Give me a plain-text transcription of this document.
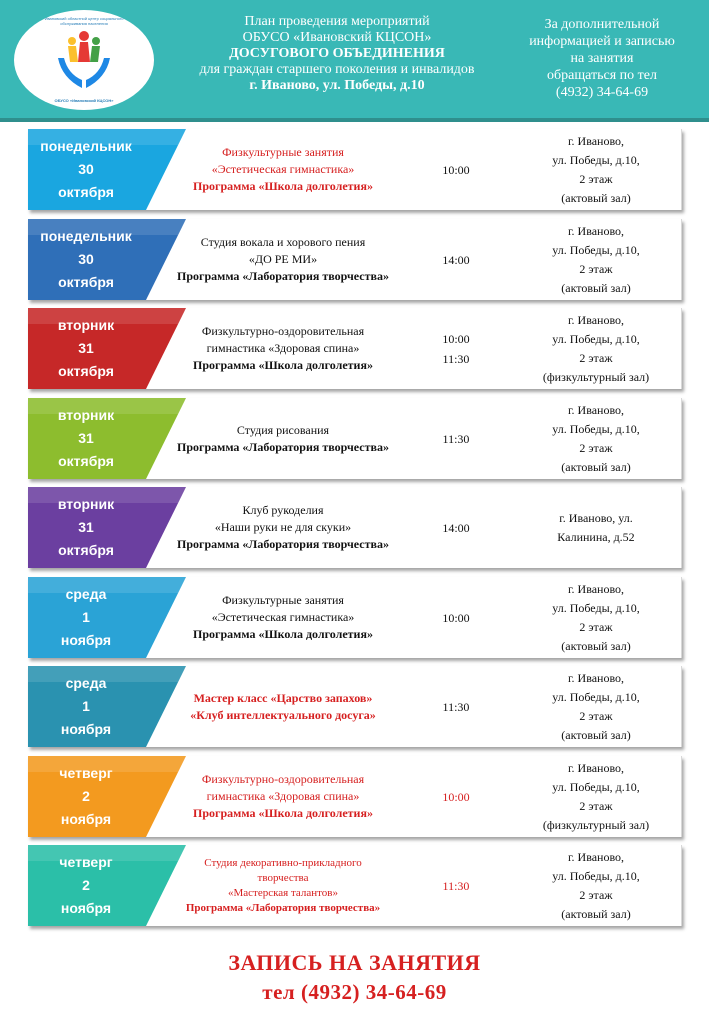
Ивановский областной центр социального обслуживания населения
ОБУСО «Ивановский КЦСОН»
План проведения мероприятий
ОБУСО «Ивановский КЦСОН»
ДОСУГОВОГО ОБЪЕДИНЕНИЯ
для граждан старшего поколения и инвалидов
г. Иваново, ул. Победы, д.10
За дополнительной
информацией и записью
на занятия
обращаться по тел
(4932) 34-64-69
понедельник
30
октября
Физкультурные занятия
«Эстетическая гимнастика»
Программа «Школа долголетия»
10:00
г. Иваново,
ул. Победы, д.10,
2 этаж
(актовый зал)
понедельник
30
октября
Студия вокала и хорового пения
«ДО РЕ МИ»
Программа «Лаборатория творчества»
14:00
г. Иваново,
ул. Победы, д.10,
2 этаж
(актовый зал)
вторник
31
октября
Физкультурно-оздоровительная
гимнастика «Здоровая спина»
Программа «Школа долголетия»
10:00
11:30
г. Иваново,
ул. Победы, д.10,
2 этаж
(физкультурный зал)
вторник
31
октября
Студия рисования
Программа «Лаборатория творчества»
11:30
г. Иваново,
ул. Победы, д.10,
2 этаж
(актовый зал)
вторник
31
октября
Клуб рукоделия
«Наши руки не для скуки»
Программа «Лаборатория творчества»
14:00
г. Иваново, ул.
Калинина, д.52
среда
1
ноября
Физкультурные занятия
«Эстетическая гимнастика»
Программа «Школа долголетия»
10:00
г. Иваново,
ул. Победы, д.10,
2 этаж
(актовый зал)
среда
1
ноября
Мастер класс «Царство запахов»
«Клуб интеллектуального досуга»
11:30
г. Иваново,
ул. Победы, д.10,
2 этаж
(актовый зал)
четверг
2
ноября
Физкультурно-оздоровительная
гимнастика «Здоровая спина»
Программа «Школа долголетия»
10:00
г. Иваново,
ул. Победы, д.10,
2 этаж
(физкультурный зал)
четверг
2
ноября
Студия декоративно-прикладного
творчества
«Мастерская талантов»
Программа «Лаборатория творчества»
11:30
г. Иваново,
ул. Победы, д.10,
2 этаж
(актовый зал)
ЗАПИСЬ НА ЗАНЯТИЯ
тел (4932) 34-64-69
